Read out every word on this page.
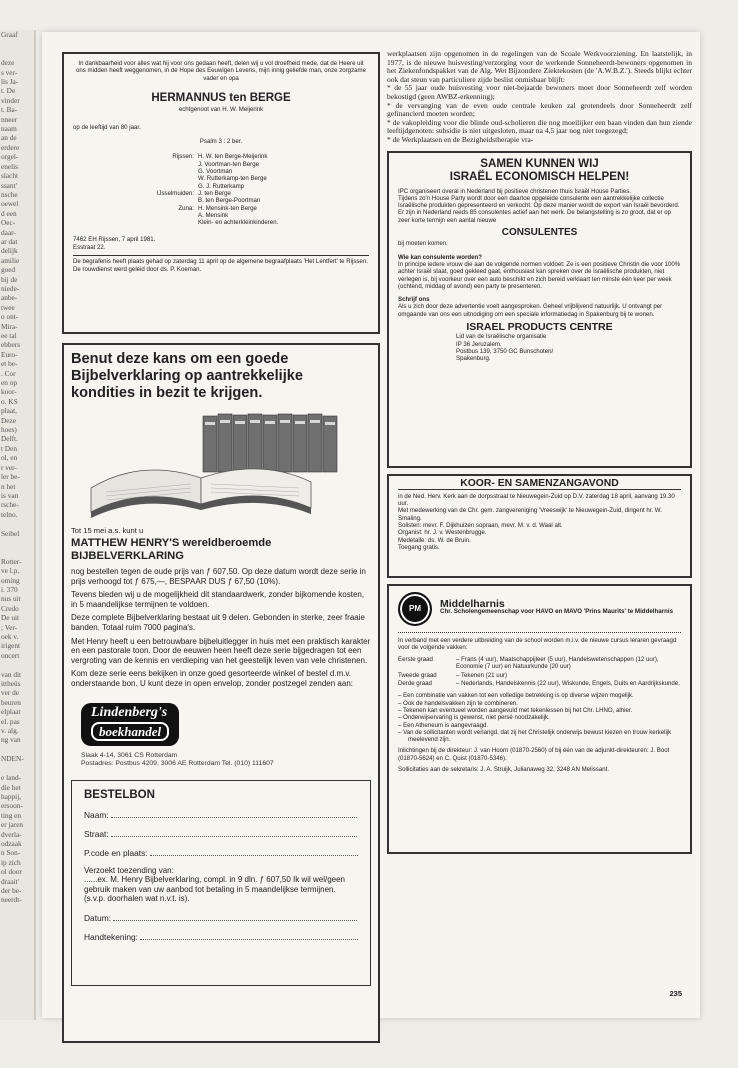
Graaf

deze
s ver-
lis Ja-
t. De
vinder
t. Ba-
nneer
naam
an de
erdere
orgel-
enelis
slacht
ssant'
nsche
oewel
d een
Oec-
daar-
ar dat
delijk
amilie
goed
bij de
niede-
anbe-
twee
o ont-
Mira-
ee tal
ebbers
Euro-
et be-
. Cor
en op
koor-
o. KS
plaat,
Deze
hoes)
Delft.
t Den
ol, en
r ver-
ler be-
n het
is van
rsche-
telno.

Seibel

Rotter-
ve l.p,
oming
i. 370
nus uit
Credo
De uit
; Ver-
oek v.
irigent
oncert

van dit
ittheüs
ver de
beuren
elplaat
el. pas
v. alg.
ng van

NDEN-

e land-
die het
happij,
ersoon-
ting en
er jaren
dverla-
odzaak
n Son-
ip zich
ol door
draait'
der be-
neerdt-
In dankbaarheid voor alles wat hij voor ons gedaan heeft, delen wij u vol droefheid mede, dat de Heere uit ons midden heeft weggenomen, in de Hope des Eeuwigen Levens, mijn innig geliefde man, onze zorgzame vader en opa
HERMANNUS ten BERGE
echtgenoot van H. W. Meijerink
op de leeftijd van 80 jaar.
Psalm 3 : 2 ber.
Rijssen:	H. W. ten Berge-Meijerink
J. Voortman-ten Berge
G. Voortman
W. Rutterkamp-ten Berge
G. J. Rutterkamp

IJsselmuiden:	J. ten Berge
B. ten Berge-Poortman

Zuna:	H. Mensink-ten Berge
A. Mensink
Klein- en achterkleinkinderen.
7462 EH Rijssen, 7 april 1981.
Esstraat 22.
De begrafenis heeft plaats gehad op zaterdag 11 april op de algemene begraafplaats 'Het Lentfert' te Rijssen. De rouwdienst werd geleid door ds. P. Koeman.
Benut deze kans om een goede Bijbelverklaring op aantrekkelijke kondities in bezit te krijgen.
Tot 15 mei a.s. kunt u
MATTHEW HENRY'S wereldberoemde BIJBELVERKLARING

nog bestellen tegen de oude prijs van ƒ 607,50. Op deze datum wordt deze serie in prijs verhoogd tot ƒ 675,—, BESPAAR DUS ƒ 67,50 (10%).

Tevens bieden wij u de mogelijkheid dit standaardwerk, zonder bijkomende kosten, in 5 maandelijkse termijnen te voldoen.

Deze complete Bijbelverklaring bestaat uit 9 delen. Gebonden in sterke, zeer fraaie banden. Totaal ruim 7000 pagina's.

Met Henry heeft u een betrouwbare bijbeluitlegger in huis met een praktisch karakter en een pastorale toon. Door de eeuwen heen heeft deze serie bijgedragen tot een vergroting van de kennis en verdieping van het geestelijk leven van vele christenen.

Kom deze serie eens bekijken in onze goed gesorteerde winkel of bestel d.m.v. onderstaande bon. U kunt deze in open envelop, zonder postzegel zenden aan:

Lindenberg's
boekhandel
Slaak 4-14, 3061 CS Rotterdam
Postadres: Postbus 4209, 3006 AE Rotterdam Tel. (010) 111607
BESTELBON
Naam:
Straat:
P.code en plaats:
Verzoekt toezending van:
......ex. M. Henry Bijbelverklaring, compl. in 9 dln. ƒ 607,50 Ik wil wel/geen gebruik maken van uw aanbod tot betaling in 5 maandelijkse termijnen. (s.v.p. doorhalen wat n.v.t. is).
Datum:
Handtekening:
werkplaatsen zijn opgenomen in de regelingen van de Scoale Werkvoorziening. En laatstelijk, in 1977, is de nieuwe huisvesting/verzorging voor de werkende Sonneheerdt-bewoners opgenomen in het Ziekenfondspakket van de Alg. Wet Bijzondere Ziektekosten (de 'A.W.B.Z.'). Steeds blijkt echter ook dat steun van particuliere zijde beslist onmisbaar blijft:
* de 55 jaar oude huisvesting voor niet-bejaarde bewoners moet door Sonneheerdt zelf worden bekostigd (geen AWBZ-erkenning);
* de vervanging van de even oude centrale keuken zal grotendeels door Sonneheerdt zelf gefinancierd moeten worden;
* de vakopleiding voor die blinde oud-scholieren die nog moeilijker een baan vinden dan hun ziende leeftijdgenoten: subsidie is niet uitgesloten, maar na 4,5 jaar nog niet toegezegd;
* de Werkplaatsen en de Bezigheidstherapie vra-
SAMEN KUNNEN WIJ
ISRAËL ECONOMISCH HELPEN!
IPC organiseert overal in Nederland bij positieve christenen thuis Israël House Parties.
Tijdens zo'n House Party wordt door een daartoe opgeleide consulente een aantrekkelijke collectie Israëlische produkten gepresenteerd en verkocht. Op deze manier wordt de export van Israël bevorderd. Er zijn in Nederland reeds 85 consulentes actief aan het werk. De belangstelling is zo groot, dat er op zeer korte termijn een aantal nieuwe
CONSULENTES
bij moeten komen.
Wie kan consulente worden?
In principe iedere vrouw die aan de volgende normen voldoet: Ze is een positieve Christin die voor 100% achter Israël staat, goed gekleed gaat, enthousiast kan spreken over de Israëlische produkten, niet verlegen is, bij voorkeur over een auto beschikt en zich bereid verklaart ten minste één keer per week (ochtend, middag of avond) een party te presenteren.
Schrijf ons
Als u zich door deze advertentie voelt aangesproken. Geheel vrijblijvend natuurlijk. U ontvangt per omgaande van ons een uitnodiging om een speciale informatiedag in Spakenburg bij te wonen.
ISRAEL PRODUCTS CENTRE
Lid van de Israëlische organisatie
IP 36 Jeruzalem.
Postbus 139, 3750 GC Bunschoten/
Spakenburg.
KOOR- EN SAMENZANGAVOND
in de Ned. Herv. Kerk aan de dorpsstraat te Nieuwegein-Zuid op D.V. zaterdag 18 april, aanvang 19.30 uur.
Met medewerking van de Chr. gem. zangvereniging 'Vreeswijk' te Nieuwegein-Zuid, dirigent hr. W. Smaling.
Solisten: mevr. F. Dijkhuizen sopraan, mevr. M. v. d. Waal alt.
Organist: hr. J. v. Westenbrugge.
Medetalle: ds. W. de Bruin.
Toegang gratis.
PM	Middelharnis
Chr. Scholengemeenschap voor HAVO en MAVO 'Prins Maurits' te Middelharnis
In verband met een verdere uitbreiding van de school worden m.i.v. de nieuwe cursus leraren gevraagd voor de volgende vakken:
Eerste graad	– Frans (4 uur), Maatschappijleer (5 uur), Handelswetenschappen (12 uur), Economie (7 uur) en Natuurkunde (20 uur)
Tweede graad	– Tekenen (21 uur)
Derde graad	– Nederlands, Handelskennis (22 uur), Wiskunde, Engels, Duits en Aardrijkskunde.
– Een combinatie van vakken tot een volledige betrekking is op diverse wijzen mogelijk.
– Ook de handelsvakken zijn te combineren.
– Tekenen kan eventueel worden aangevuld met tekenlessen bij het Chr. LHNO, alhier.
– Onderwijservaring is gewenst, niet persé noodzakelijk.
– Een Atheneum is aangevraagd.
– Van de sollicitanten wordt verlangd, dat zij het Christelijk onderwijs bewust kiezen en trouw kerkelijk meelevend zijn.
Inlichtingen bij de direkteur: J. van Hoorn (01870-2560) of bij één van de adjunkt-direkteuren: J. Boot (01870-5624) en C. Quist (01870-5346).
Sollicitaties aan de sekretaris: J. A. Struijk, Julianaweg 32, 3248 AN Melissant.
235
